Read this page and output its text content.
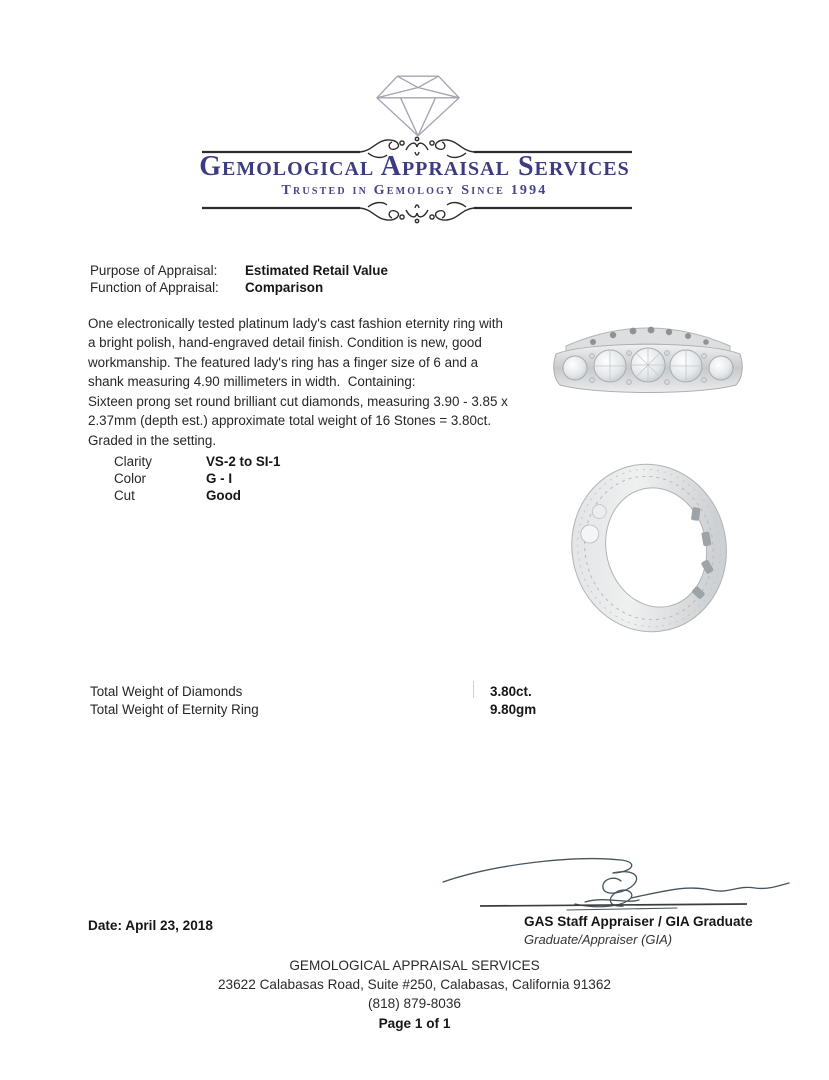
Gemological Appraisal Services
Trusted in Gemology Since 1994
Purpose of Appraisal:	Estimated Retail Value
Function of Appraisal:	Comparison
One electronically tested platinum lady's cast fashion eternity ring with a bright polish, hand-engraved detail finish. Condition is new, good workmanship. The featured lady's ring has a finger size of 6 and a shank measuring 4.90 millimeters in width.  Containing:
Sixteen prong set round brilliant cut diamonds, measuring 3.90 - 3.85 x 2.37mm (depth est.) approximate total weight of 16 Stones = 3.80ct. Graded in the setting.
Clarity	VS-2 to SI-1
Color	G - I
Cut	Good
Total Weight of Diamonds	3.80ct.
Total Weight of Eternity Ring	9.80gm
Date: April 23, 2018	GAS Staff Appraiser / GIA Graduate
Graduate/Appraiser (GIA)
GEMOLOGICAL APPRAISAL SERVICES
23622 Calabasas Road, Suite #250, Calabasas, California 91362
(818) 879-8036
Page 1 of 1
